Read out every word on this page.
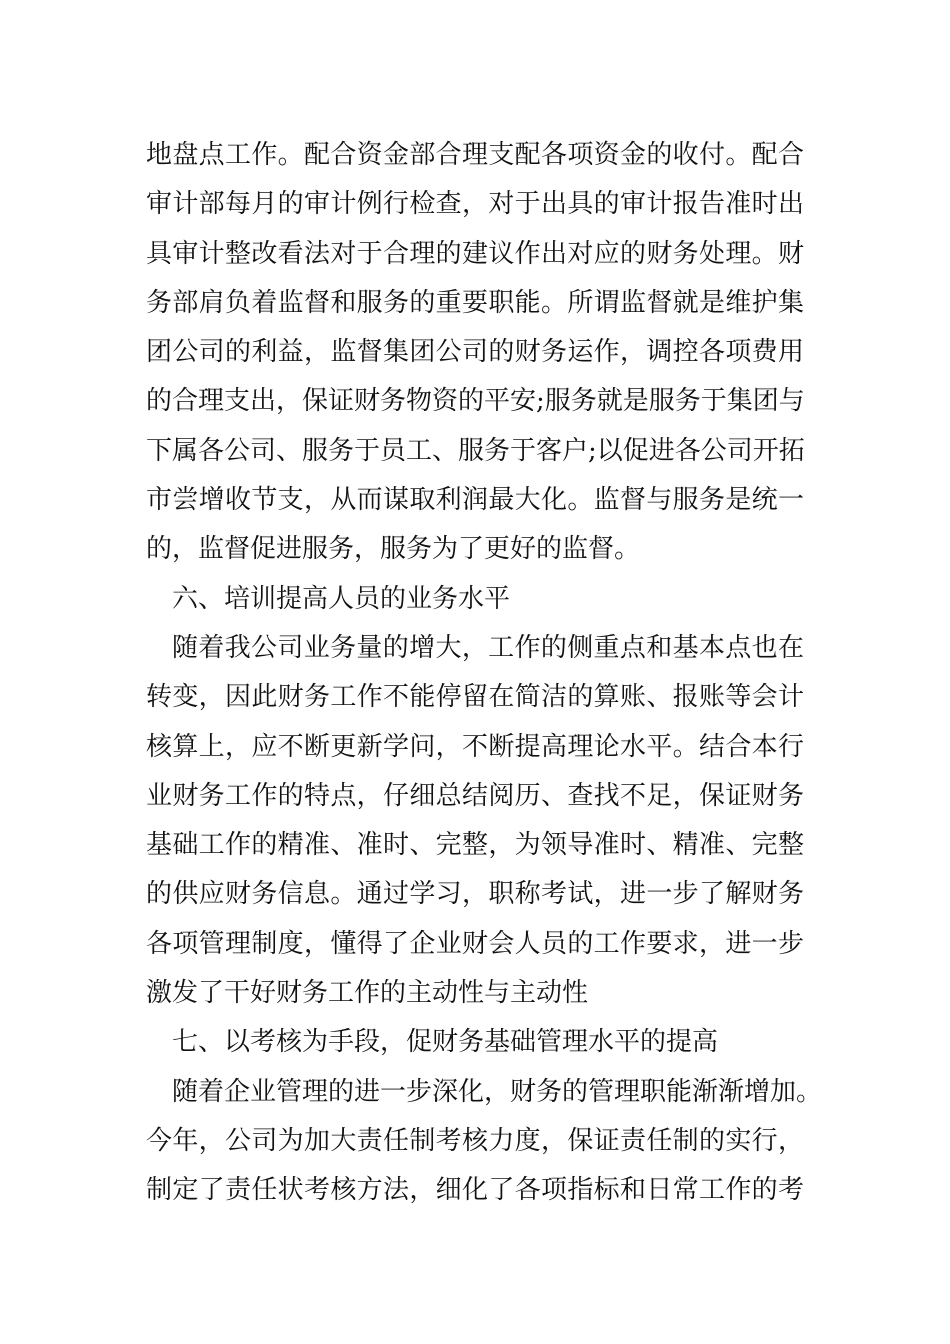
地盘点工作。配合资金部合理支配各项资金的收付。配合
审计部每月的审计例行检查，对于出具的审计报告准时出
具审计整改看法对于合理的建议作出对应的财务处理。财
务部肩负着监督和服务的重要职能。所谓监督就是维护集
团公司的利益，监督集团公司的财务运作，调控各项费用
的合理支出，保证财务物资的平安;服务就是服务于集团与
下属各公司、服务于员工、服务于客户;以促进各公司开拓
市尝增收节支，从而谋取利润最大化。监督与服务是统一
的，监督促进服务，服务为了更好的监督。
六、培训提高人员的业务水平
随着我公司业务量的增大，工作的侧重点和基本点也在
转变，因此财务工作不能停留在简洁的算账、报账等会计
核算上，应不断更新学问，不断提高理论水平。结合本行
业财务工作的特点，仔细总结阅历、查找不足，保证财务
基础工作的精准、准时、完整，为领导准时、精准、完整
的供应财务信息。通过学习，职称考试，进一步了解财务
各项管理制度，懂得了企业财会人员的工作要求，进一步
激发了干好财务工作的主动性与主动性
七、以考核为手段，促财务基础管理水平的提高
随着企业管理的进一步深化，财务的管理职能渐渐增加。
今年，公司为加大责任制考核力度，保证责任制的实行，
制定了责任状考核方法，细化了各项指标和日常工作的考
